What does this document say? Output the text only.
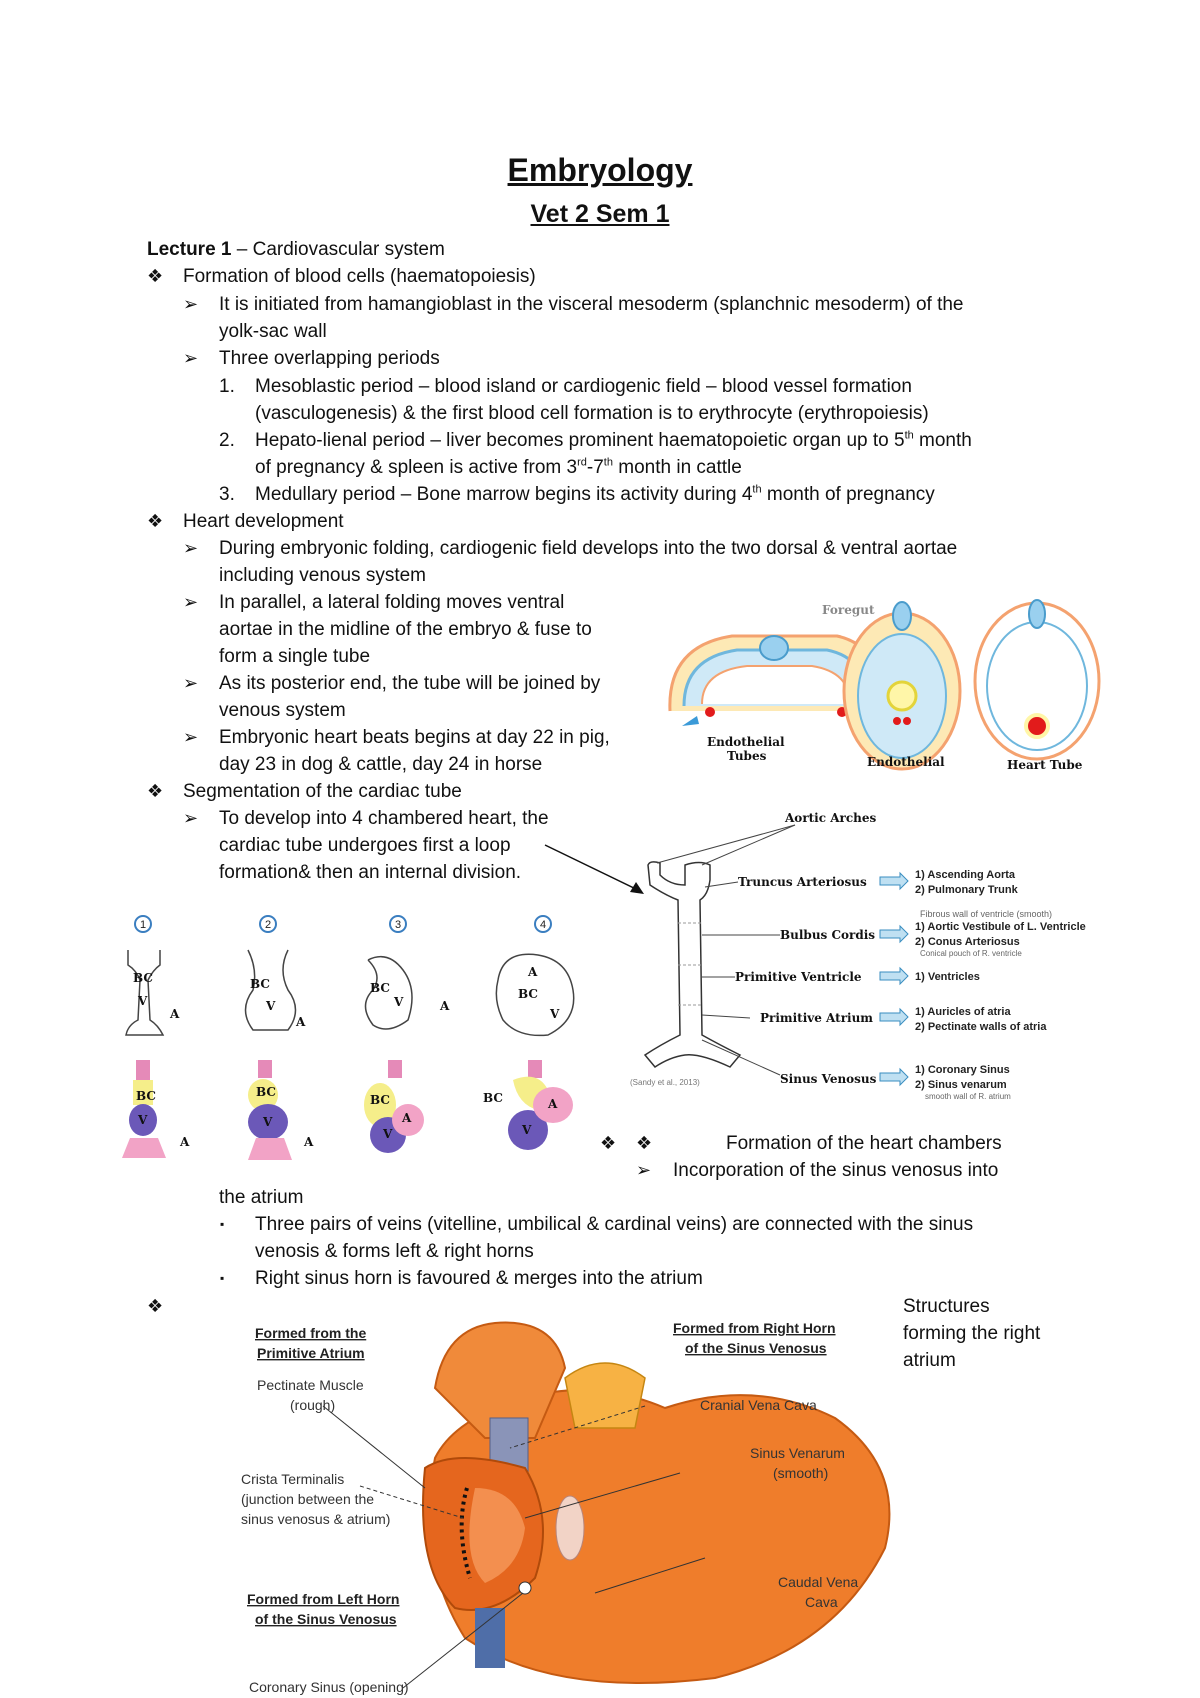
Embryology
Vet 2 Sem 1
Lecture 1 – Cardiovascular system
❖ Formation of blood cells (haematopoiesis)
➢ It is initiated from hamangioblast in the visceral mesoderm (splanchnic mesoderm) of the
yolk-sac wall
➢ Three overlapping periods
1. Mesoblastic period – blood island or cardiogenic field – blood vessel formation
(vasculogenesis) & the first blood cell formation is to erythrocyte (erythropoiesis)
2. Hepato-lienal period – liver becomes prominent haematopoietic organ up to 5th month
of pregnancy & spleen is active from 3rd-7th month in cattle
3. Medullary period – Bone marrow begins its activity during 4th month of pregnancy
❖ Heart development
➢ During embryonic folding, cardiogenic field develops into the two dorsal & ventral aortae
including venous system
➢ In parallel, a lateral folding moves ventral
aortae in the midline of the embryo & fuse to
form a single tube
➢ As its posterior end, the tube will be joined by
venous system
➢ Embryonic heart beats begins at day 22 in pig,
day 23 in dog & cattle, day 24 in horse
❖ Segmentation of the cardiac tube
➢ To develop into 4 chambered heart, the
cardiac tube undergoes first a loop
formation& then an internal division.
❖ ❖	Formation of the heart chambers
➢ Incorporation of the sinus venosus into
the atrium
▪ Three pairs of veins (vitelline, umbilical & cardinal veins) are connected with the sinus
venosis & forms left & right horns
▪ Right sinus horn is favoured & merges into the atrium
❖	Structures
forming the right
atrium
Endothelial
Tubes
Foregut
Endothelial	Heart Tube
Aortic Arches
Truncus Arteriosus
Bulbus Cordis
Primitive Ventricle
Primitive Atrium
Sinus Venosus
1) Ascending Aorta
2) Pulmonary Trunk
Fibrous wall of ventricle (smooth)
1) Aortic Vestibule of L. Ventricle
2) Conus Arteriosus
Conical pouch of R. ventricle
1) Ventricles
1) Auricles of atria
2) Pectinate walls of atria
1) Coronary Sinus
2) Sinus venarum
smooth wall of R. atrium
(Sandy et al., 2013)
1
BC
V
A
2
BC
V
A
3
BC
V	A
4
BC
V
A
BC
V
A
BC
V
A
BC
V
A
BC
V
A
Formed from the
Primitive Atrium
Pectinate Muscle
(rough)
Crista Terminalis
(junction between the
sinus venosus & atrium)
Formed from Left Horn
of the Sinus Venosus
Coronary Sinus (opening)
Formed from Right Horn
of the Sinus Venosus
Cranial Vena Cava
Sinus Venarum
(smooth)
Caudal Vena
Cava
